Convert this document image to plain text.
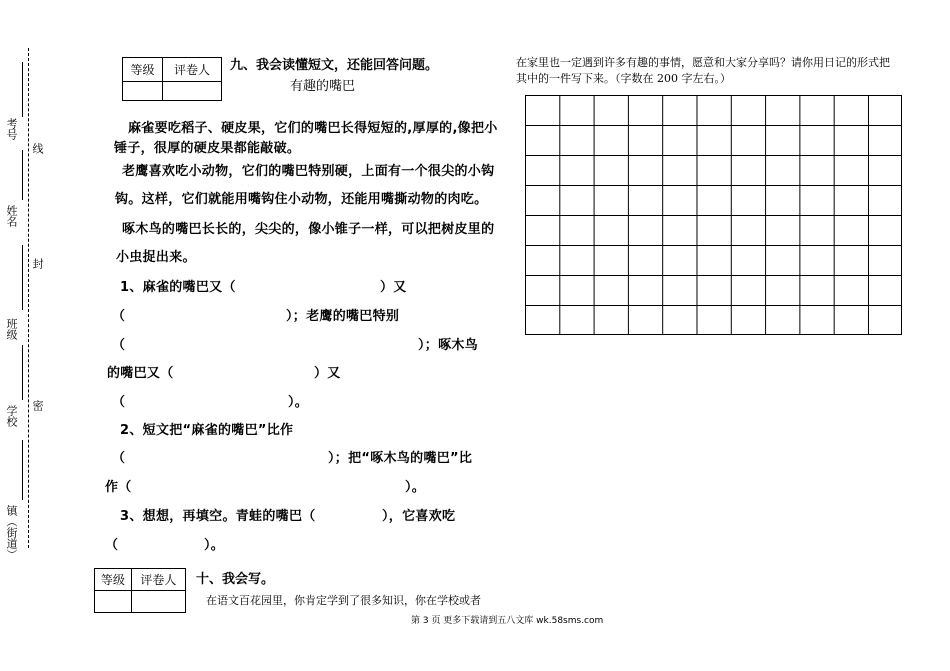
考号
线
姓名
封
班级
学校 密
镇（街道）
等级	评卷人
	九、我会读懂短文，还能回答问题。
有趣的嘴巴
麻雀要吃稻子、硬皮果，它们的嘴巴长得短短的,厚厚的,像把小
锤子，很厚的硬皮果都能敲破。
老鹰喜欢吃小动物，它们的嘴巴特别硬，上面有一个很尖的小钩
钩。这样，它们就能用嘴钩住小动物，还能用嘴撕动物的肉吃。
啄木鸟的嘴巴长长的，尖尖的，像小锥子一样，可以把树皮里的
小虫捉出来。
1、麻雀的嘴巴又（	）又
（	）；老鹰的嘴巴特别
（	）；啄木鸟
的嘴巴又（	）又
（	）。
2、短文把“麻雀的嘴巴”比作
（	）；把“啄木鸟的嘴巴”比
作（	）。
3、想想，再填空。青蛙的嘴巴（	），它喜欢吃
（	）。
等级	评卷人
	十、我会写。
在语文百花园里，你肯定学到了很多知识，你在学校或者
在家里也一定遇到许多有趣的事情，愿意和大家分享吗？请你用日记的形式把
其中的一件写下来。（字数在 200 字左右。）
第 3 页 更多下载请到五八文库 wk.58sms.com
